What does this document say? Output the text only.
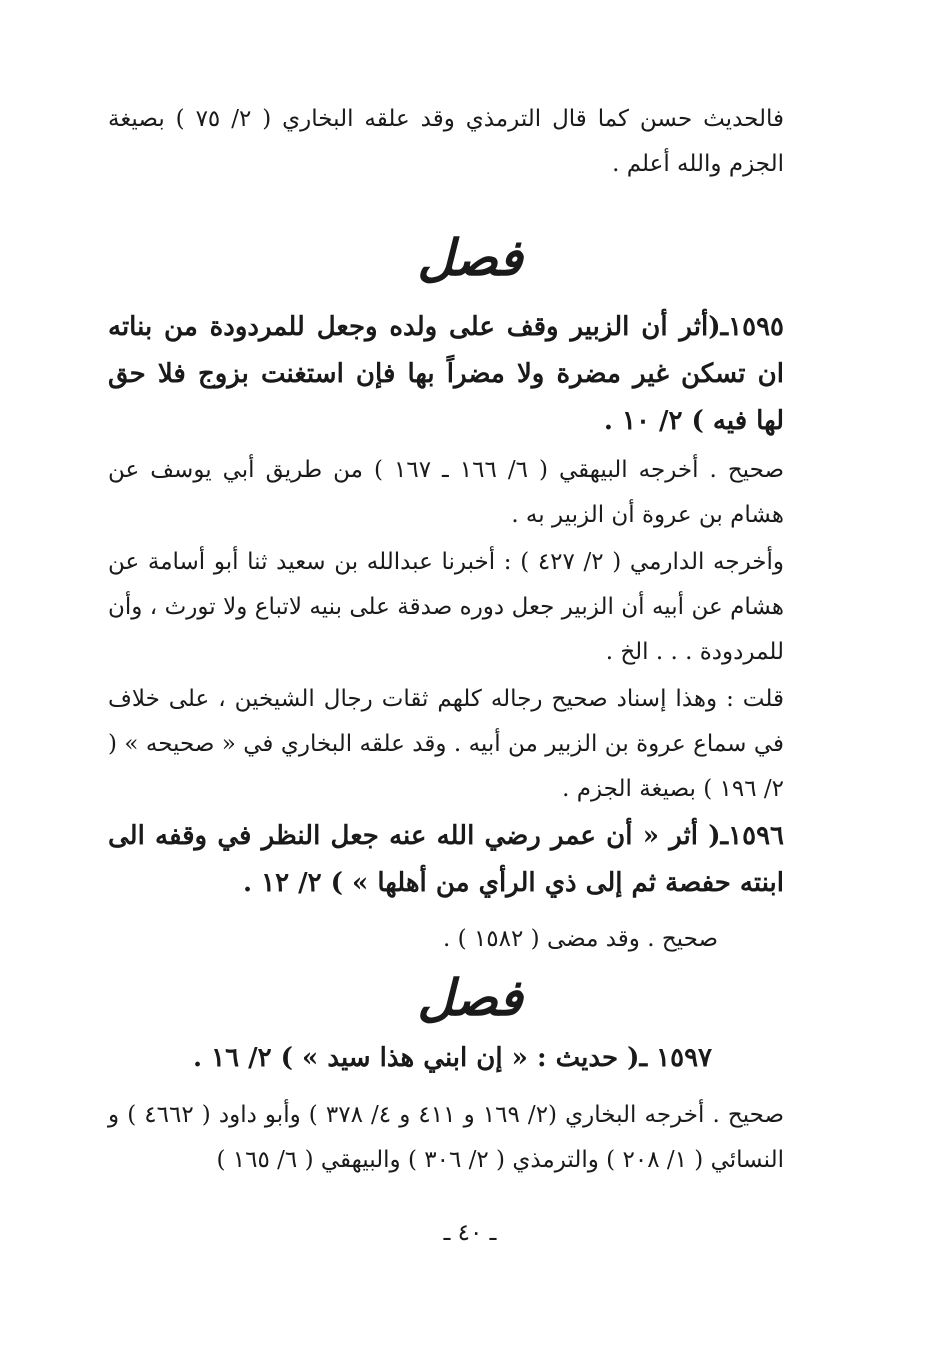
فالحديث حسن كما قال الترمذي وقد علقه البخاري ( ٢/ ٧٥ ) بصيغة الجزم والله أعلم .
فصل
١٥٩٥ـ(أثر أن الزبير وقف على ولده وجعل للمردودة من بناته ان تسكن غير مضرة ولا مضراً بها فإن استغنت بزوج فلا حق لها فيه ) ٢/ ١٠ .
صحيح . أخرجه البيهقي ( ٦/ ١٦٦ ـ ١٦٧ ) من طريق أبي يوسف عن هشام بن عروة أن الزبير به .
وأخرجه الدارمي ( ٢/ ٤٢٧ ) : أخبرنا عبدالله بن سعيد ثنا أبو أسامة عن هشام عن أبيه أن الزبير جعل دوره صدقة على بنيه لاتباع ولا تورث ، وأن للمردودة . . . الخ .
قلت : وهذا إسناد صحيح رجاله كلهم ثقات رجال الشيخين ، على خلاف في سماع عروة بن الزبير من أبيه . وقد علقه البخاري في « صحيحه » ( ٢/ ١٩٦ ) بصيغة الجزم .
١٥٩٦ـ( أثر « أن عمر رضي الله عنه جعل النظر في وقفه الى ابنته حفصة ثم إلى ذي الرأي من أهلها » ) ٢/ ١٢ .
صحيح . وقد مضى ( ١٥٨٢ ) .
فصل
١٥٩٧ ـ( حديث : « إن ابني هذا سيد » ) ٢/ ١٦ .
صحيح . أخرجه البخاري (٢/ ١٦٩ و ٤١١ و ٤/ ٣٧٨ ) وأبو داود ( ٤٦٦٢ ) و النسائي ( ١/ ٢٠٨ ) والترمذي ( ٢/ ٣٠٦ ) والبيهقي ( ٦/ ١٦٥ )
ـ ٤٠ ـ
